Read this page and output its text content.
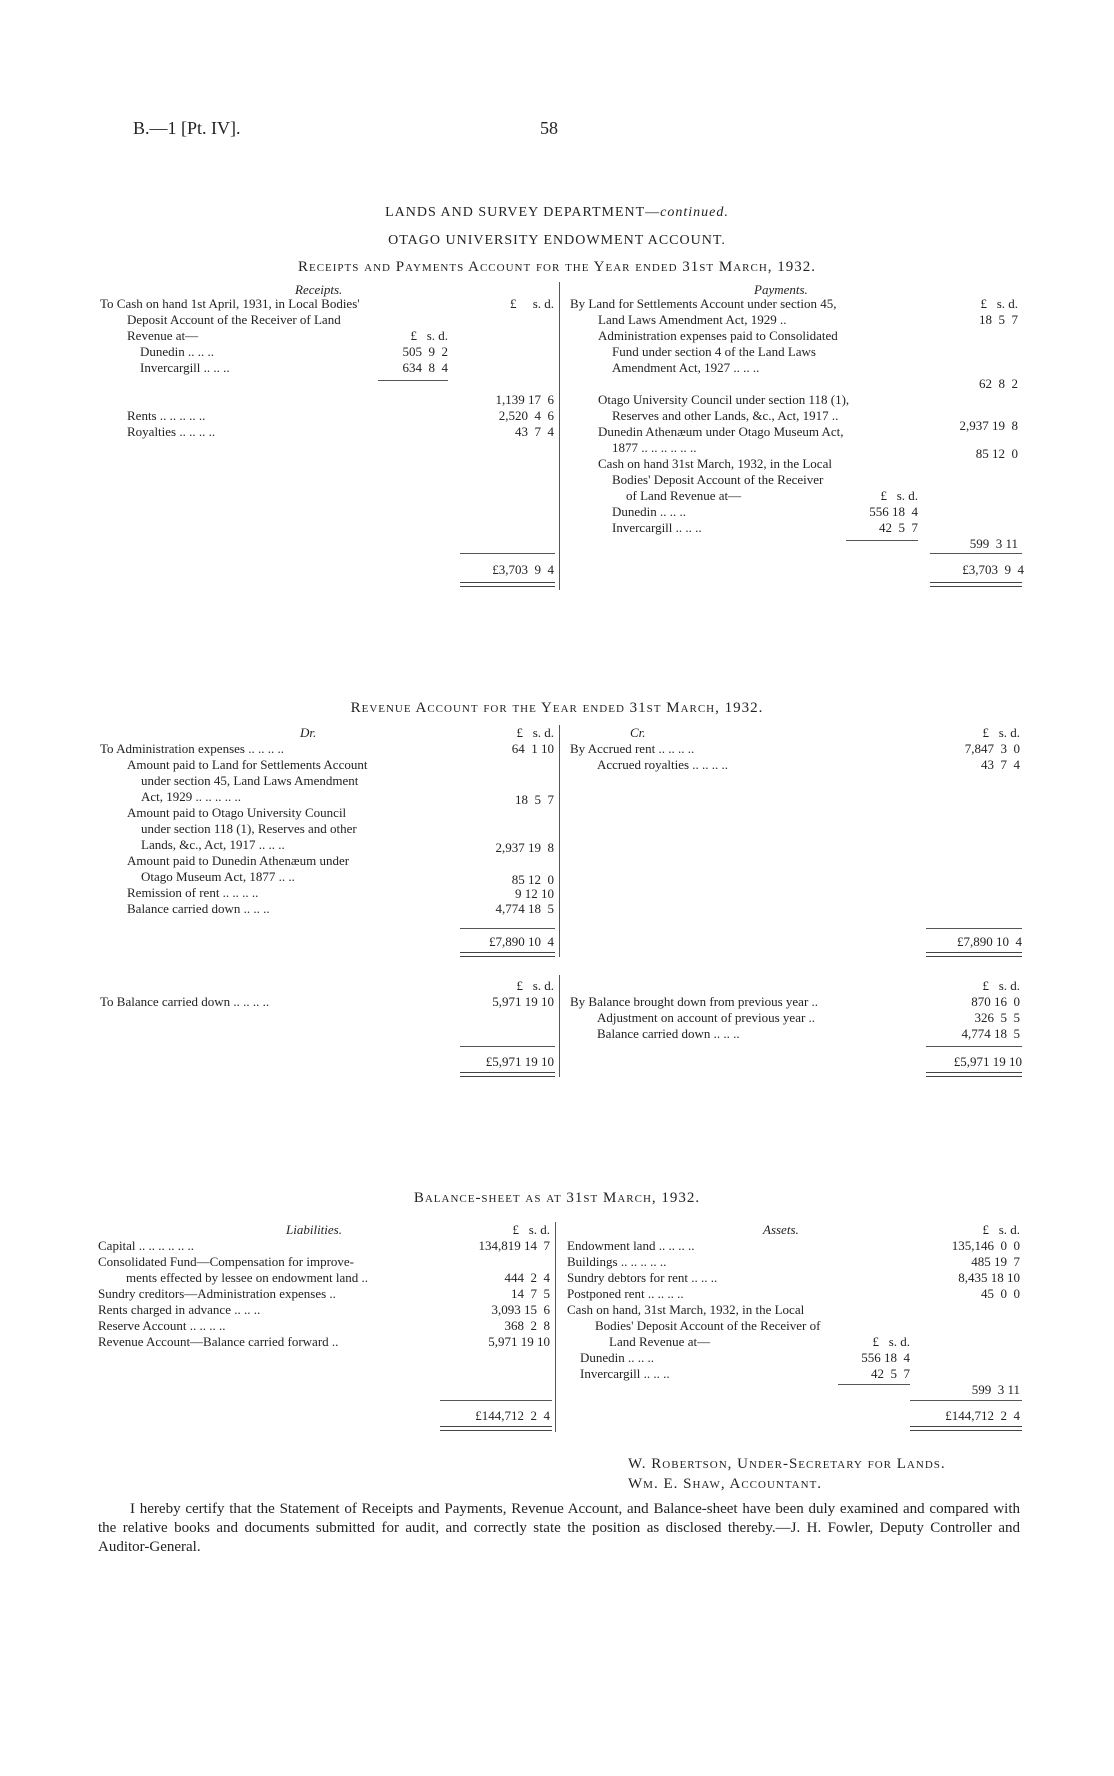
B.—1 [Pt. IV].	58
LANDS AND SURVEY DEPARTMENT—continued.
OTAGO UNIVERSITY ENDOWMENT ACCOUNT.
Receipts and Payments Account for the Year ended 31st March, 1932.
Receipts.
To Cash on hand 1st April, 1931, in Local Bodies'
Deposit Account of the Receiver of Land
Revenue at—	£   s. d.
Dunedin .. .. ..	505  9  2
Invercargill .. .. ..	634  8  4
£     s. d.
1,139 17  6
Rents .. .. .. .. ..	2,520  4  6
Royalties .. .. .. ..	43  7  4
£3,703  9  4
Payments.
£   s. d.
By Land for Settlements Account under section 45,
Land Laws Amendment Act, 1929 ..	18  5  7
Administration expenses paid to Consolidated
Fund under section 4 of the Land Laws
Amendment Act, 1927 .. .. ..
62  8  2
Otago University Council under section 118 (1),
Reserves and other Lands, &c., Act, 1917 ..
2,937 19  8
Dunedin Athenæum under Otago Museum Act,
1877 .. .. .. .. .. ..	85 12  0
Cash on hand 31st March, 1932, in the Local
Bodies' Deposit Account of the Receiver
of Land Revenue at—	£   s. d.
Dunedin .. .. ..	556 18  4
Invercargill .. .. ..	42  5  7
599  3 11
£3,703  9  4
Revenue Account for the Year ended 31st March, 1932.
Dr.	£   s. d.
To Administration expenses .. .. .. ..	64  1 10
Amount paid to Land for Settlements Account
under section 45, Land Laws Amendment
Act, 1929 .. .. .. .. ..	18  5  7
Amount paid to Otago University Council
under section 118 (1), Reserves and other
Lands, &c., Act, 1917 .. .. ..	2,937 19  8
Amount paid to Dunedin Athenæum under
Otago Museum Act, 1877 .. ..	85 12  0
Remission of rent .. .. .. ..	9 12 10
Balance carried down .. .. ..	4,774 18  5
£7,890 10  4
Cr.	£   s. d.
By Accrued rent .. .. .. ..	7,847  3  0
Accrued royalties .. .. .. ..	43  7  4
£7,890 10  4
£   s. d.
To Balance carried down .. .. .. ..	5,971 19 10
£5,971 19 10
£   s. d.
By Balance brought down from previous year ..	870 16  0
Adjustment on account of previous year ..	326  5  5
Balance carried down .. .. ..	4,774 18  5
£5,971 19 10
Balance-sheet as at 31st March, 1932.
Liabilities.	£   s. d.
Capital .. .. .. .. .. ..	134,819 14  7
Consolidated Fund—Compensation for improve-
ments effected by lessee on endowment land ..	444  2  4
Sundry creditors—Administration expenses ..	14  7  5
Rents charged in advance .. .. ..	3,093 15  6
Reserve Account .. .. .. ..	368  2  8
Revenue Account—Balance carried forward ..	5,971 19 10
£144,712  2  4
Assets.	£   s. d.
Endowment land .. .. .. ..	135,146  0  0
Buildings .. .. .. .. ..	485 19  7
Sundry debtors for rent .. .. ..	8,435 18 10
Postponed rent .. .. .. ..	45  0  0
Cash on hand, 31st March, 1932, in the Local
Bodies' Deposit Account of the Receiver of
Land Revenue at—	£   s. d.
Dunedin .. .. ..	556 18  4
Invercargill .. .. ..	42  5  7
599  3 11
£144,712  2  4
W. Robertson, Under-Secretary for Lands.
Wm. E. Shaw, Accountant.
I hereby certify that the Statement of Receipts and Payments, Revenue Account, and Balance-sheet have been duly examined and compared with the relative books and documents submitted for audit, and correctly state the position as disclosed thereby.—J. H. Fowler, Deputy Controller and Auditor-General.
